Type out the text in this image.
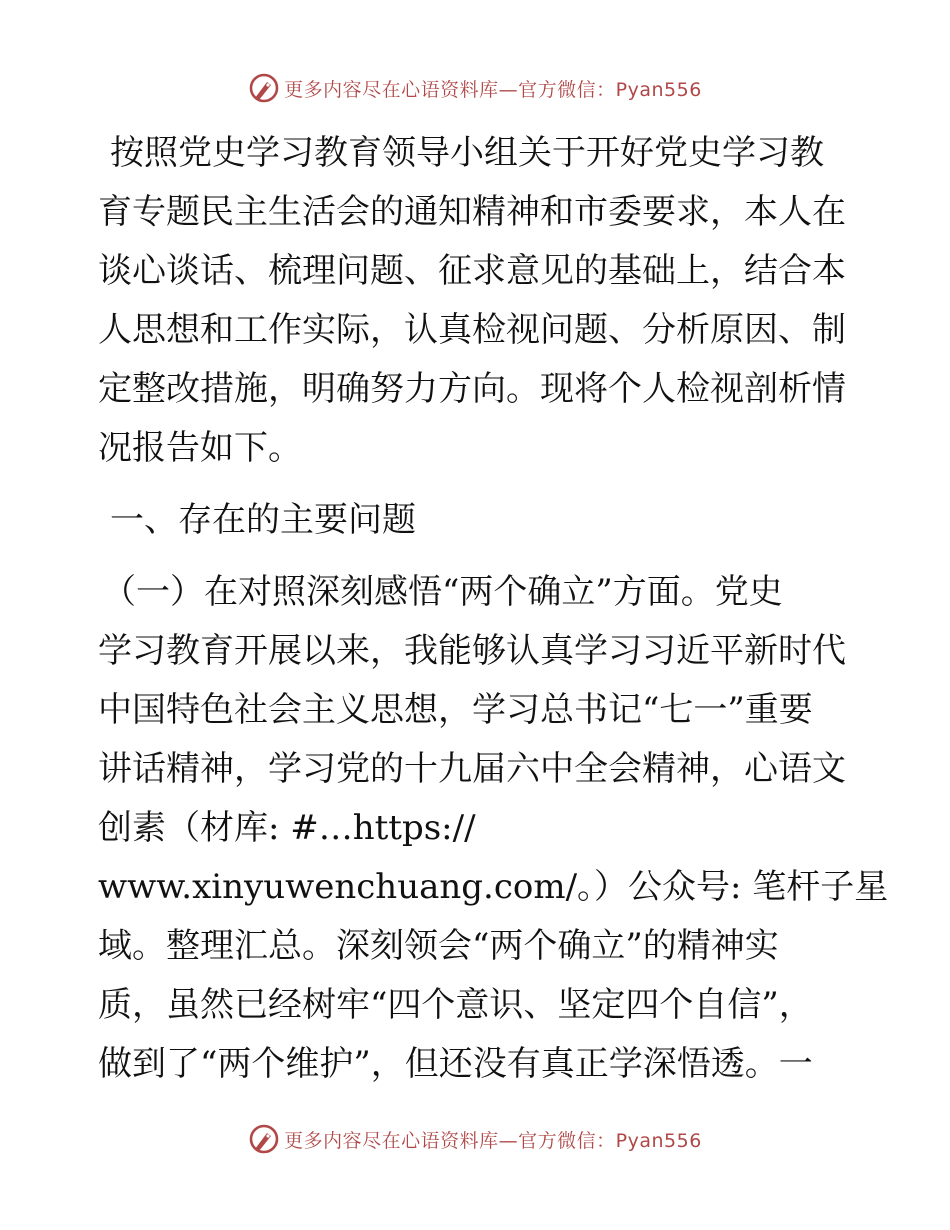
更多内容尽在心语资料库—官方微信：Pyan556
按照党史学习教育领导小组关于开好党史学习教
育专题民主生活会的通知精神和市委要求，本人在
谈心谈话、梳理问题、征求意见的基础上，结合本
人思想和工作实际，认真检视问题、分析原因、制
定整改措施，明确努力方向。现将个人检视剖析情
况报告如下。
一、存在的主要问题
（一）在对照深刻感悟“两个确立”方面。党史
学习教育开展以来，我能够认真学习习近平新时代
中国特色社会主义思想，学习总书记“七一”重要
讲话精神，学习党的十九届六中全会精神，心语文
创素（材库: #…https://
www.xinyuwenchuang.com/。）公众号: 笔杆子星
域。整理汇总。深刻领会“两个确立”的精神实
质，虽然已经树牢“四个意识、坚定四个自信”，
做到了“两个维护”，但还没有真正学深悟透。一
更多内容尽在心语资料库—官方微信：Pyan556
